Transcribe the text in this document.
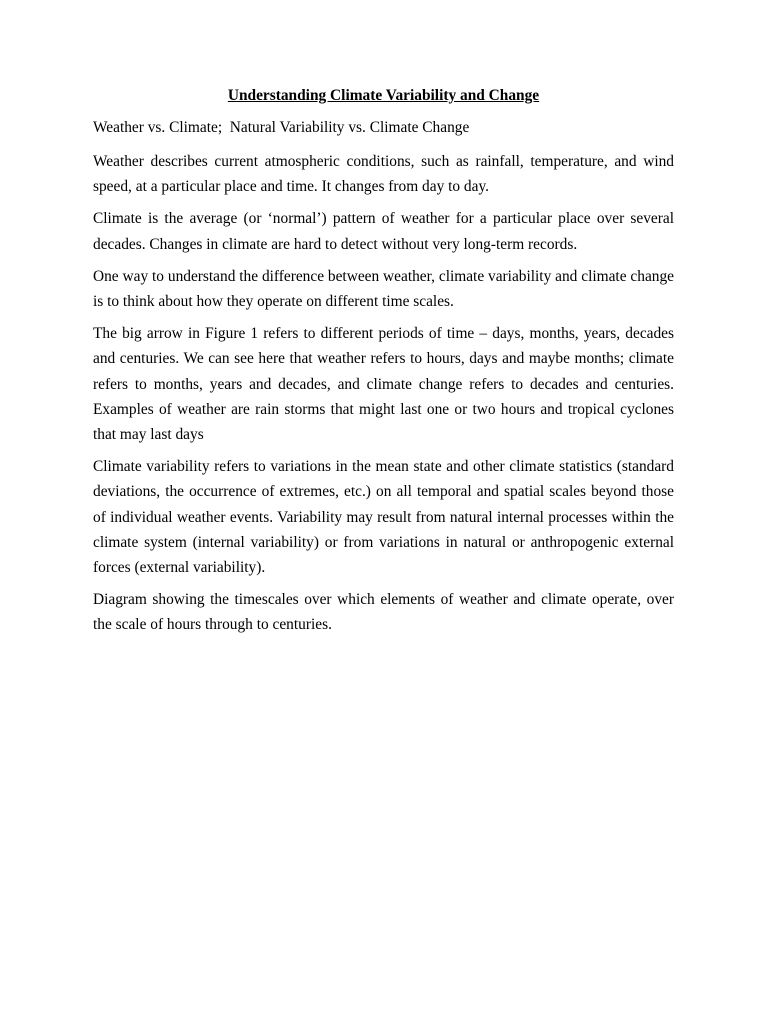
Understanding Climate Variability and Change

Weather vs. Climate;  Natural Variability vs. Climate Change

Weather describes current atmospheric conditions, such as rainfall, temperature, and wind speed, at a particular place and time. It changes from day to day.

Climate is the average (or ‘normal’) pattern of weather for a particular place over several decades. Changes in climate are hard to detect without very long-term records.

One way to understand the difference between weather, climate variability and climate change is to think about how they operate on different time scales.

The big arrow in Figure 1 refers to different periods of time – days, months, years, decades and centuries. We can see here that weather refers to hours, days and maybe months; climate refers to months, years and decades, and climate change refers to decades and centuries. Examples of weather are rain storms that might last one or two hours and tropical cyclones that may last days

Climate variability refers to variations in the mean state and other climate statistics (standard deviations, the occurrence of extremes, etc.) on all temporal and spatial scales beyond those of individual weather events. Variability may result from natural internal processes within the climate system (internal variability) or from variations in natural or anthropogenic external forces (external variability).

Diagram showing the timescales over which elements of weather and climate operate, over the scale of hours through to centuries.
